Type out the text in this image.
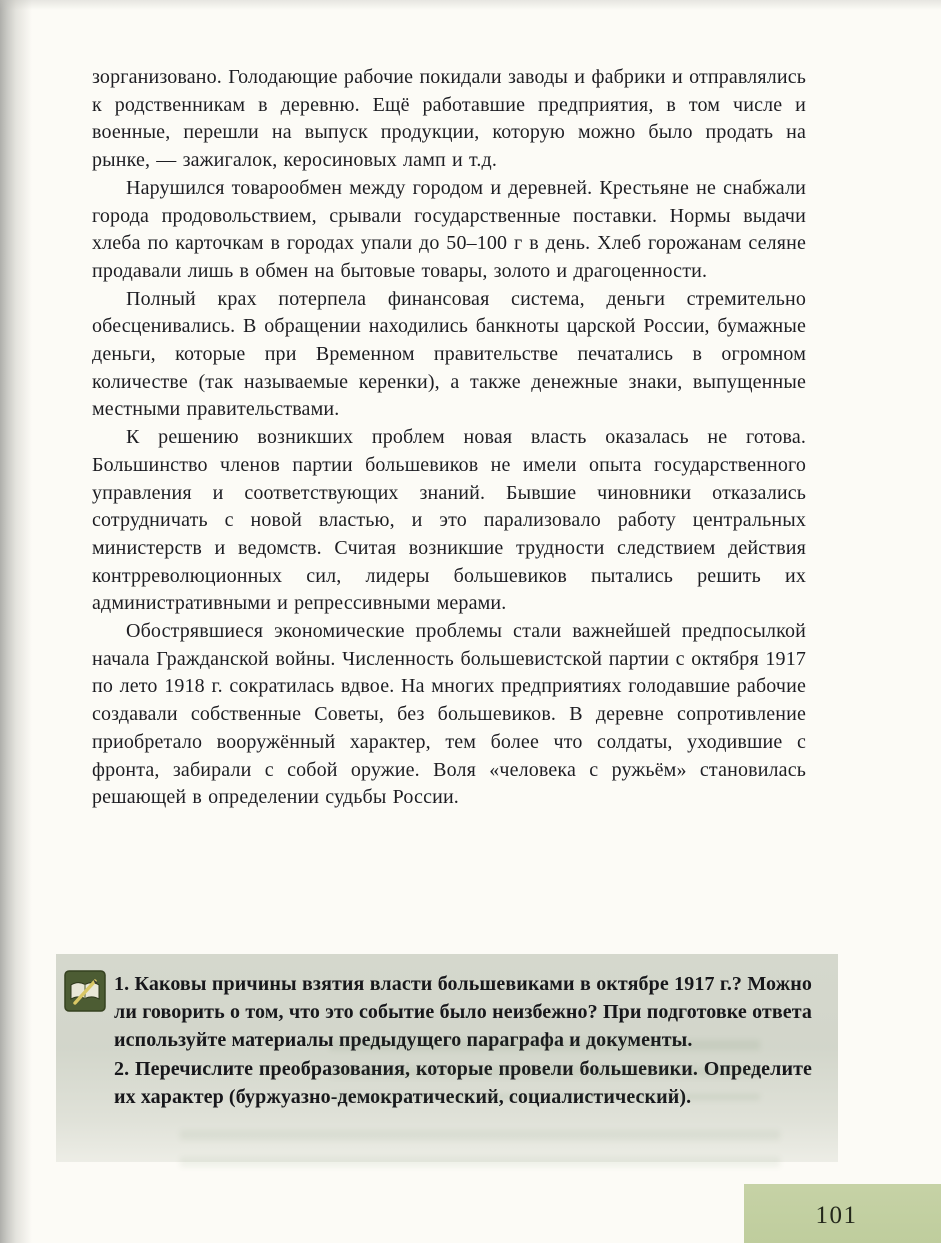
зорганизовано. Голодающие рабочие покидали заводы и фабрики и отправлялись к родственникам в деревню. Ещё работавшие предприятия, в том числе и военные, перешли на выпуск продукции, которую можно было продать на рынке, — зажигалок, керосиновых ламп и т.д.

Нарушился товарообмен между городом и деревней. Крестьяне не снабжали города продовольствием, срывали государственные поставки. Нормы выдачи хлеба по карточкам в городах упали до 50–100 г в день. Хлеб горожанам селяне продавали лишь в обмен на бытовые товары, золото и драгоценности.

Полный крах потерпела финансовая система, деньги стремительно обесценивались. В обращении находились банкноты царской России, бумажные деньги, которые при Временном правительстве печатались в огромном количестве (так называемые керенки), а также денежные знаки, выпущенные местными правительствами.

К решению возникших проблем новая власть оказалась не готова. Большинство членов партии большевиков не имели опыта государственного управления и соответствующих знаний. Бывшие чиновники отказались сотрудничать с новой властью, и это парализовало работу центральных министерств и ведомств. Считая возникшие трудности следствием действия контрреволюционных сил, лидеры большевиков пытались решить их административными и репрессивными мерами.

Обострявшиеся экономические проблемы стали важнейшей предпосылкой начала Гражданской войны. Численность большевистской партии с октября 1917 по лето 1918 г. сократилась вдвое. На многих предприятиях голодавшие рабочие создавали собственные Советы, без большевиков. В деревне сопротивление приобретало вооружённый характер, тем более что солдаты, уходившие с фронта, забирали с собой оружие. Воля «человека с ружьём» становилась решающей в определении судьбы России.

1. Каковы причины взятия власти большевиками в октябре 1917 г.? Можно ли говорить о том, что это событие было неизбежно? При подготовке ответа используйте материалы предыдущего параграфа и документы.

2. Перечислите преобразования, которые провели большевики. Определите их характер (буржуазно-демократический, социалистический).

101
